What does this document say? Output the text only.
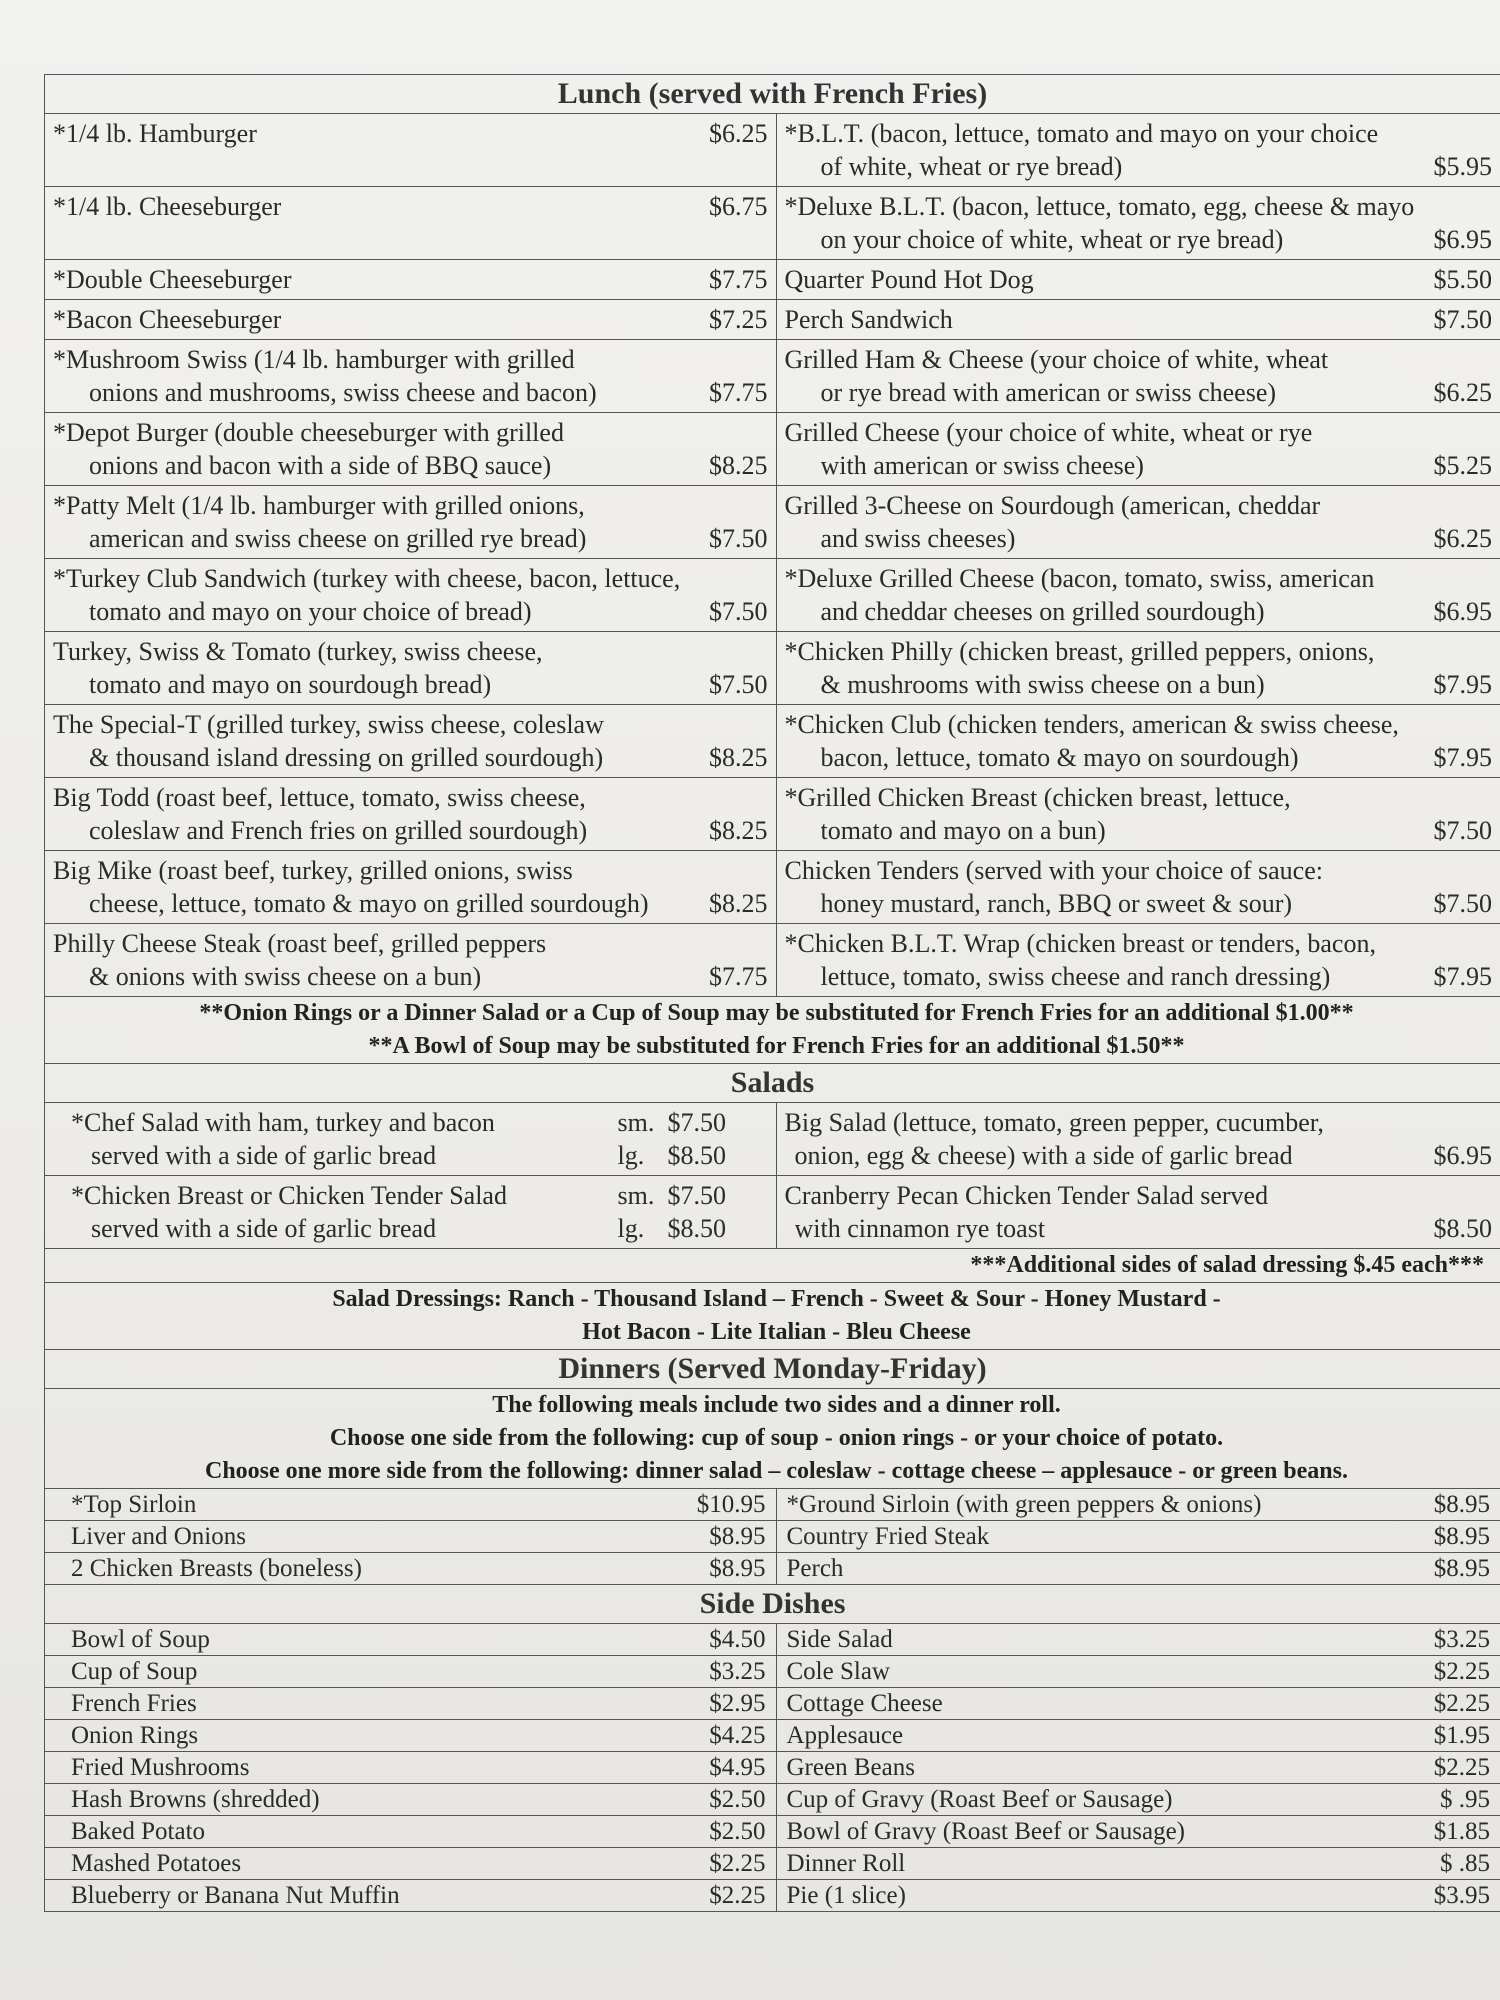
Lunch (served with French Fries)
*1/4 lb. Hamburger	$6.25 *B.L.T. (bacon, lettuce, tomato and mayo on your choice
of white, wheat or rye bread)	$5.95
*1/4 lb. Cheeseburger	$6.75 *Deluxe B.L.T. (bacon, lettuce, tomato, egg, cheese & mayo
on your choice of white, wheat or rye bread)	$6.95
*Double Cheeseburger	$7.75 Quarter Pound Hot Dog	$5.50
*Bacon Cheeseburger	$7.25 Perch Sandwich	$7.50
*Mushroom Swiss (1/4 lb. hamburger with grilled
onions and mushrooms, swiss cheese and bacon)	$7.75
Grilled Ham & Cheese (your choice of white, wheat
or rye bread with american or swiss cheese)	$6.25
*Depot Burger (double cheeseburger with grilled
onions and bacon with a side of BBQ sauce)	$8.25
Grilled Cheese (your choice of white, wheat or rye
with american or swiss cheese)	$5.25
*Patty Melt (1/4 lb. hamburger with grilled onions,
american and swiss cheese on grilled rye bread)	$7.50
Grilled 3-Cheese on Sourdough (american, cheddar
and swiss cheeses)	$6.25
*Turkey Club Sandwich (turkey with cheese, bacon, lettuce,
tomato and mayo on your choice of bread)	$7.50
*Deluxe Grilled Cheese (bacon, tomato, swiss, american
and cheddar cheeses on grilled sourdough)	$6.95
Turkey, Swiss & Tomato (turkey, swiss cheese,
tomato and mayo on sourdough bread)	$7.50
*Chicken Philly (chicken breast, grilled peppers, onions,
& mushrooms with swiss cheese on a bun)	$7.95
The Special-T (grilled turkey, swiss cheese, coleslaw
& thousand island dressing on grilled sourdough)	$8.25
*Chicken Club (chicken tenders, american & swiss cheese,
bacon, lettuce, tomato & mayo on sourdough)	$7.95
Big Todd (roast beef, lettuce, tomato, swiss cheese,
coleslaw and French fries on grilled sourdough)	$8.25
*Grilled Chicken Breast (chicken breast, lettuce,
tomato and mayo on a bun)	$7.50
Big Mike (roast beef, turkey, grilled onions, swiss
cheese, lettuce, tomato & mayo on grilled sourdough) $8.25
Chicken Tenders (served with your choice of sauce:
honey mustard, ranch, BBQ or sweet & sour)	$7.50
Philly Cheese Steak (roast beef, grilled peppers
& onions with swiss cheese on a bun)	$7.75
*Chicken B.L.T. Wrap (chicken breast or tenders, bacon,
lettuce, tomato, swiss cheese and ranch dressing)	$7.95
**Onion Rings or a Dinner Salad or a Cup of Soup may be substituted for French Fries for an additional $1.00**
**A Bowl of Soup may be substituted for French Fries for an additional $1.50**
Salads
*Chef Salad with ham, turkey and bacon	sm. $7.50
served with a side of garlic bread	lg. $8.50
Big Salad (lettuce, tomato, green pepper, cucumber,
onion, egg & cheese) with a side of garlic bread	$6.95
*Chicken Breast or Chicken Tender Salad	sm. $7.50
served with a side of garlic bread	lg. $8.50
Cranberry Pecan Chicken Tender Salad served
with cinnamon rye toast	$8.50
***Additional sides of salad dressing $.45 each***
Salad Dressings: Ranch - Thousand Island – French - Sweet & Sour - Honey Mustard -
Hot Bacon - Lite Italian - Bleu Cheese
Dinners (Served Monday-Friday)
The following meals include two sides and a dinner roll.
Choose one side from the following: cup of soup - onion rings - or your choice of potato.
Choose one more side from the following: dinner salad – coleslaw - cottage cheese – applesauce - or green beans.
*Top Sirloin	$10.95 *Ground Sirloin (with green peppers & onions)	$8.95
Liver and Onions	$8.95 Country Fried Steak	$8.95
2 Chicken Breasts (boneless)	$8.95 Perch	$8.95
Side Dishes
Bowl of Soup	$4.50 Side Salad	$3.25
Cup of Soup	$3.25 Cole Slaw	$2.25
French Fries	$2.95 Cottage Cheese	$2.25
Onion Rings	$4.25 Applesauce	$1.95
Fried Mushrooms	$4.95 Green Beans	$2.25
Hash Browns (shredded)	$2.50 Cup of Gravy (Roast Beef or Sausage)	$ .95
Baked Potato	$2.50 Bowl of Gravy (Roast Beef or Sausage)	$1.85
Mashed Potatoes	$2.25 Dinner Roll	$ .85
Blueberry or Banana Nut Muffin	$2.25 Pie (1 slice)	$3.95
